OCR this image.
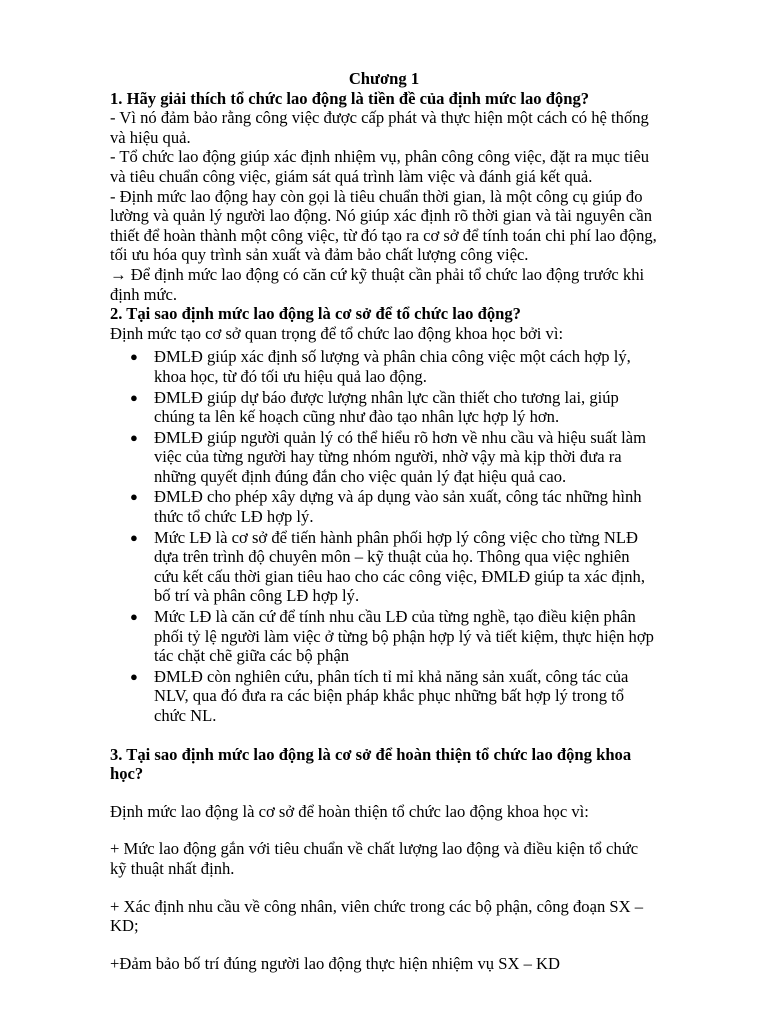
Chương 1

1. Hãy giải thích tổ chức lao động là tiền đề của định mức lao động?

- Vì nó đảm bảo rằng công việc được cấp phát và thực hiện một cách có hệ thống và hiệu quả.

- Tổ chức lao động giúp xác định nhiệm vụ, phân công công việc, đặt ra mục tiêu và tiêu chuẩn công việc, giám sát quá trình làm việc và đánh giá kết quả.

- Định mức lao động hay còn gọi là tiêu chuẩn thời gian, là một công cụ giúp đo lường và quản lý người lao động. Nó giúp xác định rõ thời gian và tài nguyên cần thiết để hoàn thành một công việc, từ đó tạo ra cơ sở để tính toán chi phí lao động, tối ưu hóa quy trình sản xuất và đảm bảo chất lượng công việc.

→ Để định mức lao động có căn cứ kỹ thuật cần phải tổ chức lao động trước khi định mức.

2. Tại sao định mức lao động là cơ sở để tổ chức lao động?

Định mức tạo cơ sở quan trọng để tổ chức lao động khoa học bởi vì:

● ĐMLĐ giúp xác định số lượng và phân chia công việc một cách hợp lý, khoa học, từ đó tối ưu hiệu quả lao động.
● ĐMLĐ giúp dự báo được lượng nhân lực cần thiết cho tương lai, giúp chúng ta lên kế hoạch cũng như đào tạo nhân lực hợp lý hơn.
● ĐMLĐ giúp người quản lý có thể hiểu rõ hơn về nhu cầu và hiệu suất làm việc của từng người hay từng nhóm người, nhờ vậy mà kịp thời đưa ra những quyết định đúng đắn cho việc quản lý đạt hiệu quả cao.
● ĐMLĐ cho phép xây dựng và áp dụng vào sản xuất, công tác những hình thức tổ chức LĐ hợp lý.
● Mức LĐ là cơ sở để tiến hành phân phối hợp lý công việc cho từng NLĐ dựa trên trình độ chuyên môn – kỹ thuật của họ. Thông qua việc nghiên cứu kết cấu thời gian tiêu hao cho các công việc, ĐMLĐ giúp ta xác định, bố trí và phân công LĐ hợp lý.
● Mức LĐ là căn cứ để tính nhu cầu LĐ của từng nghề, tạo điều kiện phân phối tỷ lệ người làm việc ở từng bộ phận hợp lý và tiết kiệm, thực hiện hợp tác chặt chẽ giữa các bộ phận
● ĐMLĐ còn nghiên cứu, phân tích tỉ mỉ khả năng sản xuất, công tác của NLV, qua đó đưa ra các biện pháp khắc phục những bất hợp lý trong tổ chức NL.

3. Tại sao định mức lao động là cơ sở để hoàn thiện tổ chức lao động khoa học?

Định mức lao động là cơ sở để hoàn thiện tổ chức lao động khoa học vì:

+ Mức lao động gắn với tiêu chuẩn về chất lượng lao động và điều kiện tổ chức kỹ thuật nhất định.

+ Xác định nhu cầu về công nhân, viên chức trong các bộ phận, công đoạn SX – KD;

+Đảm bảo bố trí đúng người lao động thực hiện nhiệm vụ SX – KD
